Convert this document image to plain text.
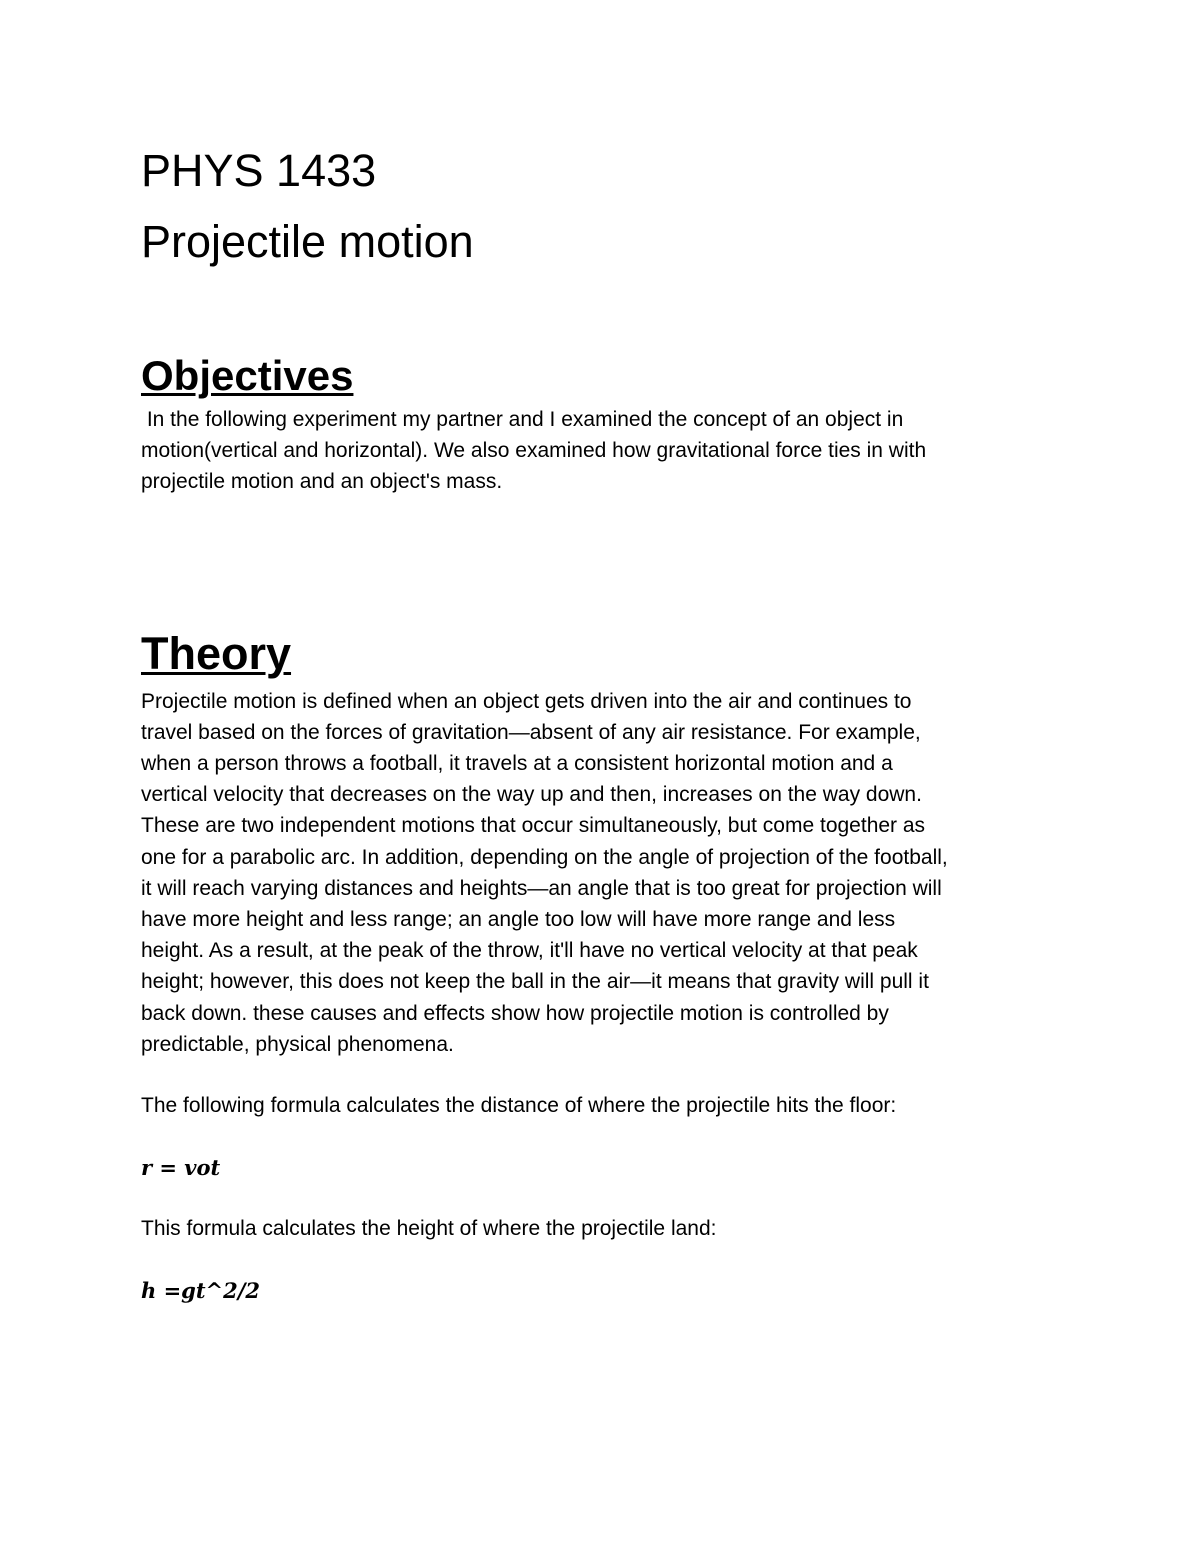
PHYS 1433
Projectile motion
Objectives
In the following experiment my partner and I examined the concept of an object in
motion(vertical and horizontal). We also examined how gravitational force ties in with
projectile motion and an object's mass.
Theory
Projectile motion is defined when an object gets driven into the air and continues to
travel based on the forces of gravitation—absent of any air resistance. For example,
when a person throws a football, it travels at a consistent horizontal motion and a
vertical velocity that decreases on the way up and then, increases on the way down.
These are two independent motions that occur simultaneously, but come together as
one for a parabolic arc. In addition, depending on the angle of projection of the football,
it will reach varying distances and heights—an angle that is too great for projection will
have more height and less range; an angle too low will have more range and less
height. As a result, at the peak of the throw, it'll have no vertical velocity at that peak
height; however, this does not keep the ball in the air—it means that gravity will pull it
back down. these causes and effects show how projectile motion is controlled by
predictable, physical phenomena.

The following formula calculates the distance of where the projectile hits the floor:

r = vot

This formula calculates the height of where the projectile land:

h =gt^2/2
